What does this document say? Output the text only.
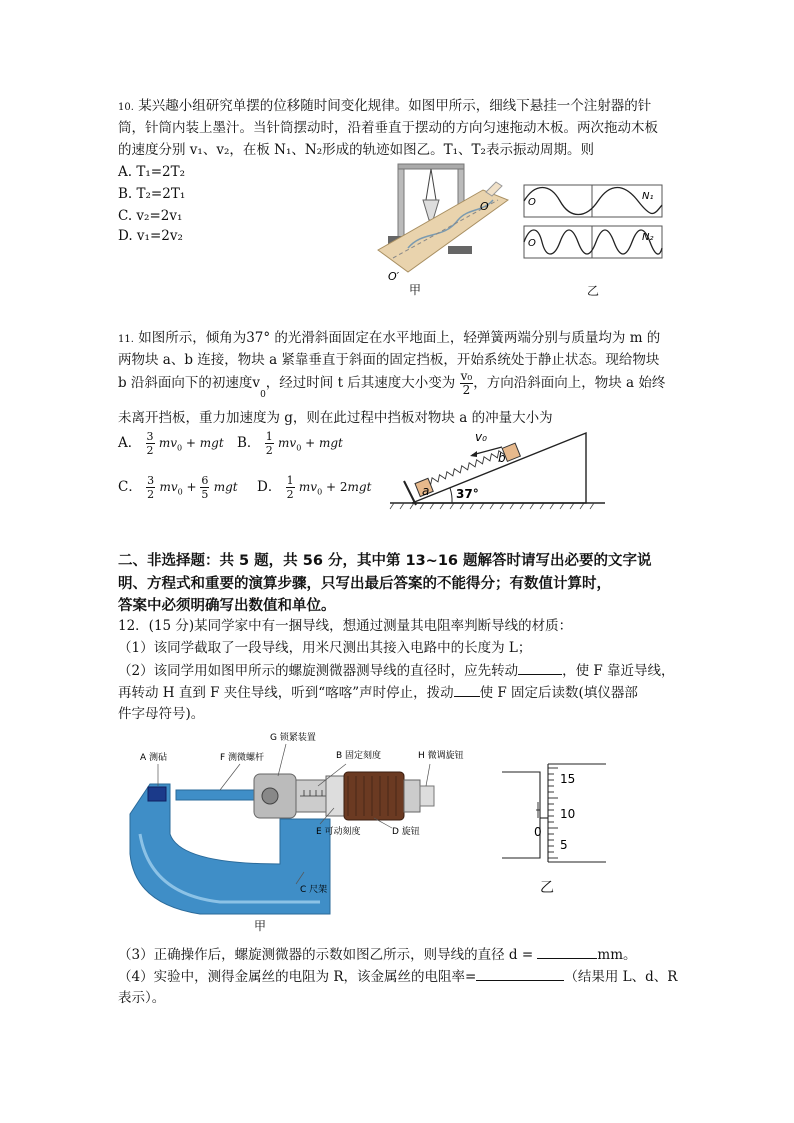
10. 某兴趣小组研究单摆的位移随时间变化规律。如图甲所示，细线下悬挂一个注射器的针
筒，针筒内装上墨汁。当针筒摆动时，沿着垂直于摆动的方向匀速拖动木板。两次拖动木板
的速度分别 v₁、v₂，在板 N₁、N₂形成的轨迹如图乙。T₁、T₂表示振动周期。则
A. T₁=2T₂
B. T₂=2T₁
C. v₂=2v₁
D. v₁=2v₂
O
O′
甲
O
N₁
O
N₂
乙
11. 如图所示，倾角为37° 的光滑斜面固定在水平地面上，轻弹簧两端分别与质量均为 m 的
两物块 a、b 连接，物块 a 紧靠垂直于斜面的固定挡板，开始系统处于静止状态。现给物块
b 沿斜面向下的初速度$v_0$，经过时间 t 后其速度大小变为 $\frac{\text{v₀}}{2}$ ，方向沿斜面向上，物块 a 始终
未离开挡板，重力加速度为 g，则在此过程中挡板对物块 a 的冲量大小为
A． $\frac{3}{2} mv_0$ + mgt B． $\frac{1}{2} mv_0$ + mgt
C． $\frac{3}{2} mv_0 + \frac{6}{5}$ mgt D． $\frac{1}{2} mv_0 + 2mgt$	a
b
v₀
37°
二、非选择题：共 5 题，共 56 分，其中第 13~16 题解答时请写出必要的文字说
明、方程式和重要的演算步骤，只写出最后答案的不能得分；有数值计算时，
答案中必须明确写出数值和单位。
12．(15 分)某同学家中有一捆导线，想通过测量其电阻率判断导线的材质：
（1）该同学截取了一段导线，用米尺测出其接入电路中的长度为 L；
（2）该同学用如图甲所示的螺旋测微器测导线的直径时，应先转动	，使 F 靠近导线，
再转动 H 直到 F 夹住导线，听到“喀喀”声时停止，拨动 使 F 固定后读数(填仪器部
件字母符号)。
A 测砧	F 测微螺杆
G 锁紧装置
B 固定刻度	H 微调旋钮
E 可动刻度	D 旋钮
C 尺架
甲
15
10
5
0
乙
（3）正确操作后，螺旋测微器的示数如图乙所示，则导线的直径 d =	mm。
（4）实验中，测得金属丝的电阻为 R，该金属丝的电阻率=	（结果用 L、d、R
表示）。
